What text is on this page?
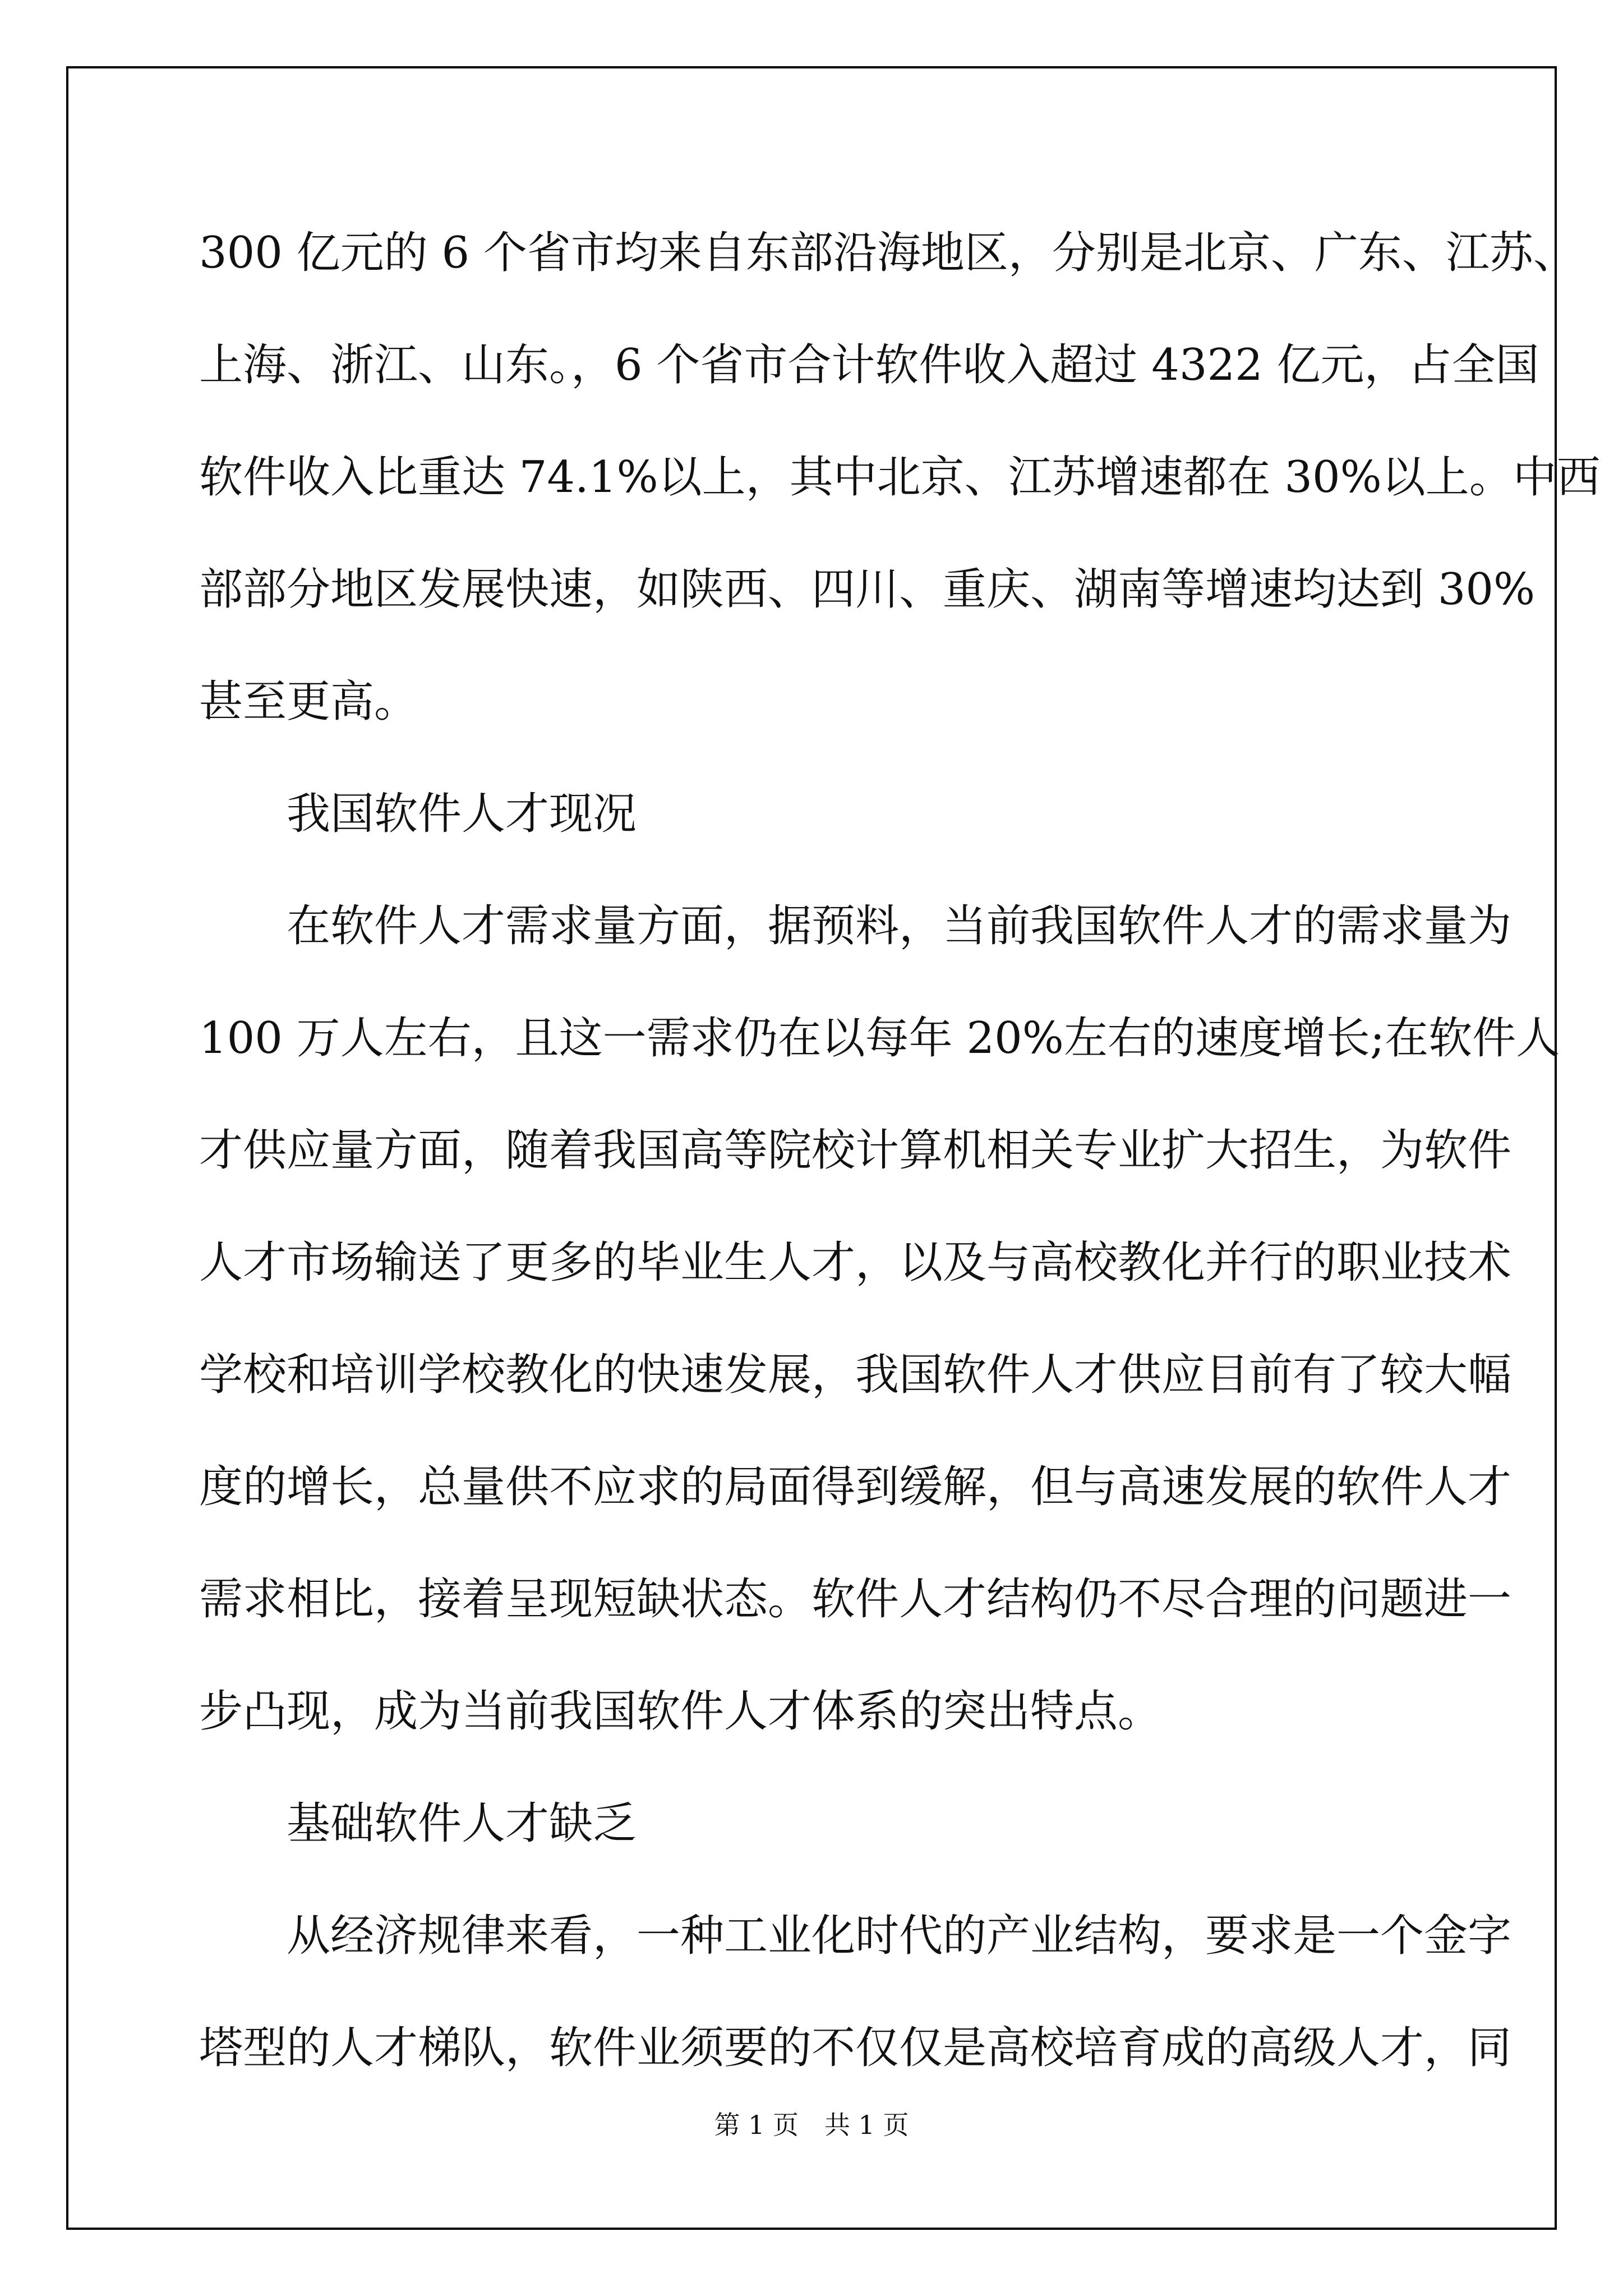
300 亿元的 6 个省市均来自东部沿海地区，分别是北京、广东、江苏、
上海、浙江、山东。，6 个省市合计软件收入超过 4322 亿元，占全国
软件收入比重达 74.1%以上，其中北京、江苏增速都在 30%以上。中西
部部分地区发展快速，如陕西、四川、重庆、湖南等增速均达到 30%
甚至更高。
　　我国软件人才现况
　　在软件人才需求量方面，据预料，当前我国软件人才的需求量为
100 万人左右，且这一需求仍在以每年 20%左右的速度增长;在软件人
才供应量方面，随着我国高等院校计算机相关专业扩大招生，为软件
人才市场输送了更多的毕业生人才，以及与高校教化并行的职业技术
学校和培训学校教化的快速发展，我国软件人才供应目前有了较大幅
度的增长，总量供不应求的局面得到缓解，但与高速发展的软件人才
需求相比，接着呈现短缺状态。软件人才结构仍不尽合理的问题进一
步凸现，成为当前我国软件人才体系的突出特点。
　　基础软件人才缺乏
　　从经济规律来看，一种工业化时代的产业结构，要求是一个金字
塔型的人才梯队，软件业须要的不仅仅是高校培育成的高级人才，同
第 1 页　共 1 页
